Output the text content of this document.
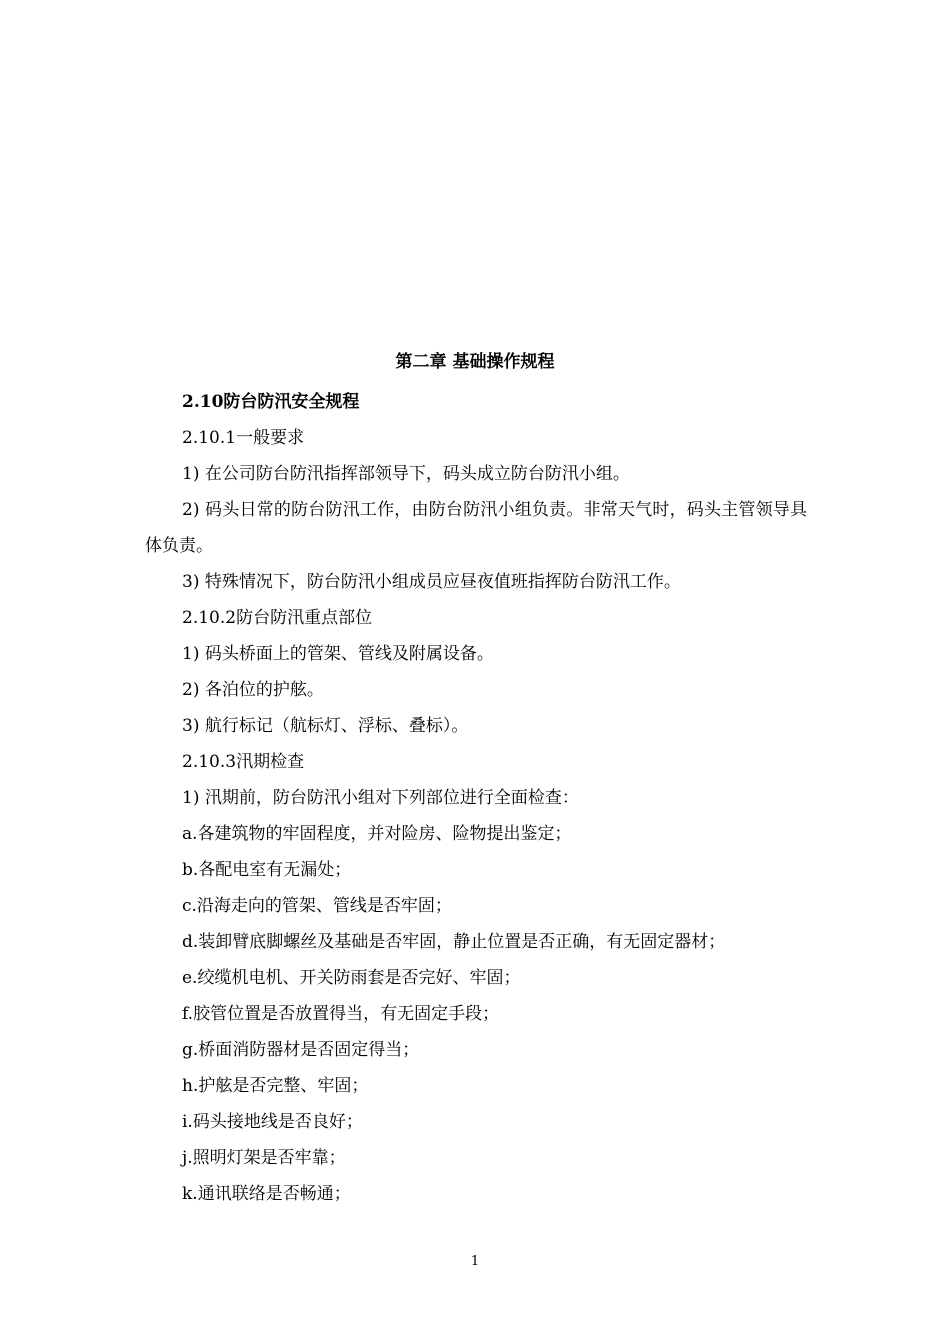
第二章 基础操作规程

2.10防台防汛安全规程

2.10.1一般要求

1) 在公司防台防汛指挥部领导下，码头成立防台防汛小组。

2) 码头日常的防台防汛工作，由防台防汛小组负责。非常天气时，码头主管领导具体负责。

3) 特殊情况下，防台防汛小组成员应昼夜值班指挥防台防汛工作。

2.10.2防台防汛重点部位

1) 码头桥面上的管架、管线及附属设备。

2) 各泊位的护舷。

3) 航行标记（航标灯、浮标、叠标）。

2.10.3汛期检查

1) 汛期前，防台防汛小组对下列部位进行全面检查：

a.各建筑物的牢固程度，并对险房、险物提出鉴定；

b.各配电室有无漏处；

c.沿海走向的管架、管线是否牢固；

d.装卸臂底脚螺丝及基础是否牢固，静止位置是否正确，有无固定器材；

e.绞缆机电机、开关防雨套是否完好、牢固；

f.胶管位置是否放置得当，有无固定手段；

g.桥面消防器材是否固定得当；

h.护舷是否完整、牢固；

i.码头接地线是否良好；

j.照明灯架是否牢靠；

k.通讯联络是否畅通；

1
